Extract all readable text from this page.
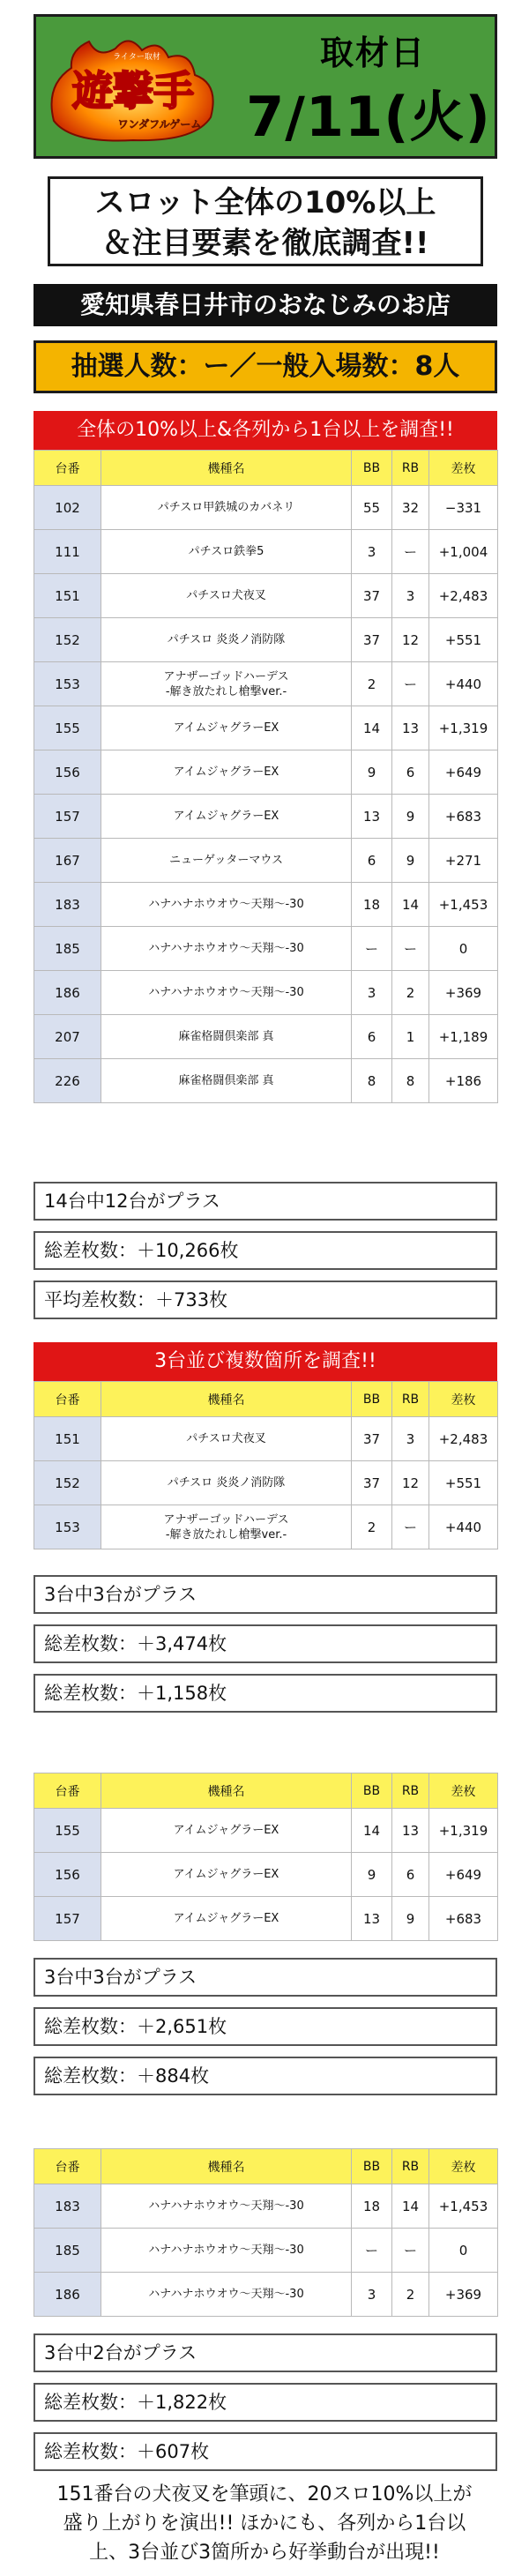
ライター取材
遊撃手
ワンダフルゲーム
取材日
7/11(火)
スロット全体の10%以上
＆注目要素を徹底調査!!
愛知県春日井市のおなじみのお店
抽選人数：ー／一般入場数：8人
全体の10%以上&各列から1台以上を調査!!
台番	機種名	BB	RB	差枚
102	パチスロ甲鉄城のカバネリ	55	32	−331
111	パチスロ鉄拳5	3	ー	+1,004
151	パチスロ犬夜叉	37	3	+2,483
152	パチスロ 炎炎ノ消防隊	37	12	+551
153	アナザーゴッドハーデス
-解き放たれし槍撃ver.-	2	ー	+440
155	アイムジャグラーEX	14	13	+1,319
156	アイムジャグラーEX	9	6	+649
157	アイムジャグラーEX	13	9	+683
167	ニューゲッターマウス	6	9	+271
183	ハナハナホウオウ〜天翔〜-30	18	14	+1,453
185	ハナハナホウオウ〜天翔〜-30	ー	ー	0
186	ハナハナホウオウ〜天翔〜-30	3	2	+369
207	麻雀格闘倶楽部 真	6	1	+1,189
226	麻雀格闘倶楽部 真	8	8	+186
14台中12台がプラス
総差枚数：＋10,266枚
平均差枚数：＋733枚
3台並び複数箇所を調査!!
台番	機種名	BB	RB	差枚
151	パチスロ犬夜叉	37	3	+2,483
152	パチスロ 炎炎ノ消防隊	37	12	+551
153	アナザーゴッドハーデス
-解き放たれし槍撃ver.-	2	ー	+440
3台中3台がプラス
総差枚数：＋3,474枚
総差枚数：＋1,158枚
台番	機種名	BB	RB	差枚
155	アイムジャグラーEX	14	13	+1,319
156	アイムジャグラーEX	9	6	+649
157	アイムジャグラーEX	13	9	+683
3台中3台がプラス
総差枚数：＋2,651枚
総差枚数：＋884枚
台番	機種名	BB	RB	差枚
183	ハナハナホウオウ〜天翔〜-30	18	14	+1,453
185	ハナハナホウオウ〜天翔〜-30	ー	ー	0
186	ハナハナホウオウ〜天翔〜-30	3	2	+369
3台中2台がプラス
総差枚数：＋1,822枚
総差枚数：＋607枚
151番台の犬夜叉を筆頭に、20スロ10%以上が
盛り上がりを演出!! ほかにも、各列から1台以
上、3台並び3箇所から好挙動台が出現!!
